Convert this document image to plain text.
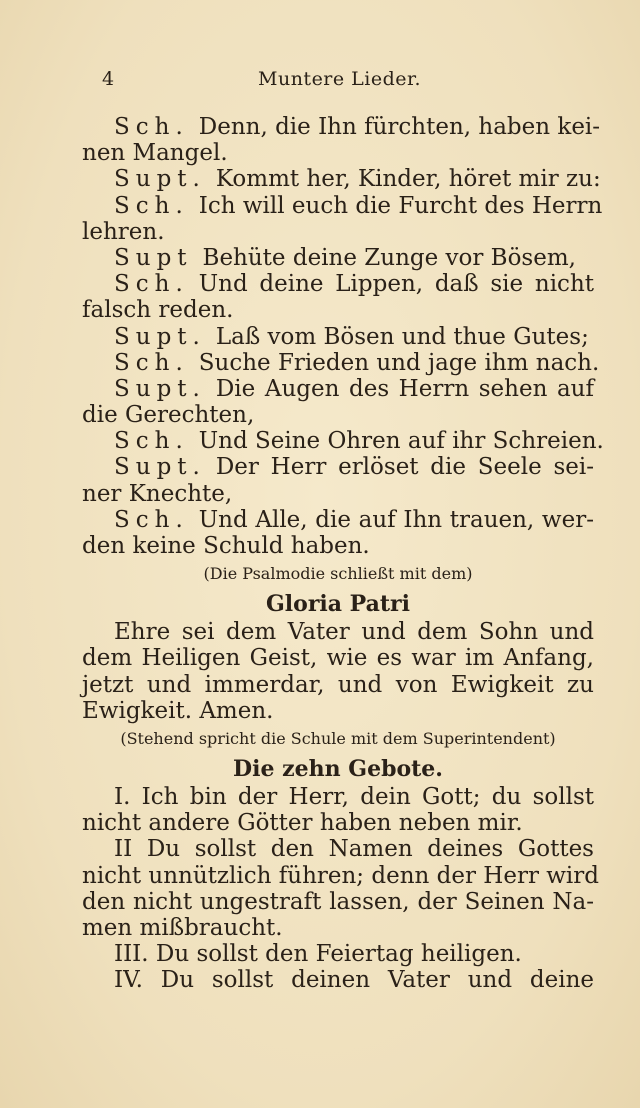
4	Muntere Lieder.
Sch. Denn, die Ihn fürchten, haben kei-
nen Mangel.
Supt. Kommt her, Kinder, höret mir zu:
Sch. Ich will euch die Furcht des Herrn
lehren.
Supt Behüte deine Zunge vor Bösem,
Sch. Und deine Lippen, daß sie nicht
falsch reden.
Supt. Laß vom Bösen und thue Gutes;
Sch. Suche Frieden und jage ihm nach.
Supt. Die Augen des Herrn sehen auf
die Gerechten,
Sch. Und Seine Ohren auf ihr Schreien.
Supt. Der Herr erlöset die Seele sei-
ner Knechte,
Sch. Und Alle, die auf Ihn trauen, wer-
den keine Schuld haben.
(Die Psalmodie schließt mit dem)
Gloria Patri
Ehre sei dem Vater und dem Sohn und
dem Heiligen Geist, wie es war im Anfang,
jetzt und immerdar, und von Ewigkeit zu
Ewigkeit. Amen.
(Stehend spricht die Schule mit dem Superintendent)
Die zehn Gebote.
I. Ich bin der Herr, dein Gott; du sollst
nicht andere Götter haben neben mir.
II Du sollst den Namen deines Gottes
nicht unnützlich führen; denn der Herr wird
den nicht ungestraft lassen, der Seinen Na-
men mißbraucht.
III. Du sollst den Feiertag heiligen.
IV. Du sollst deinen Vater und deine
